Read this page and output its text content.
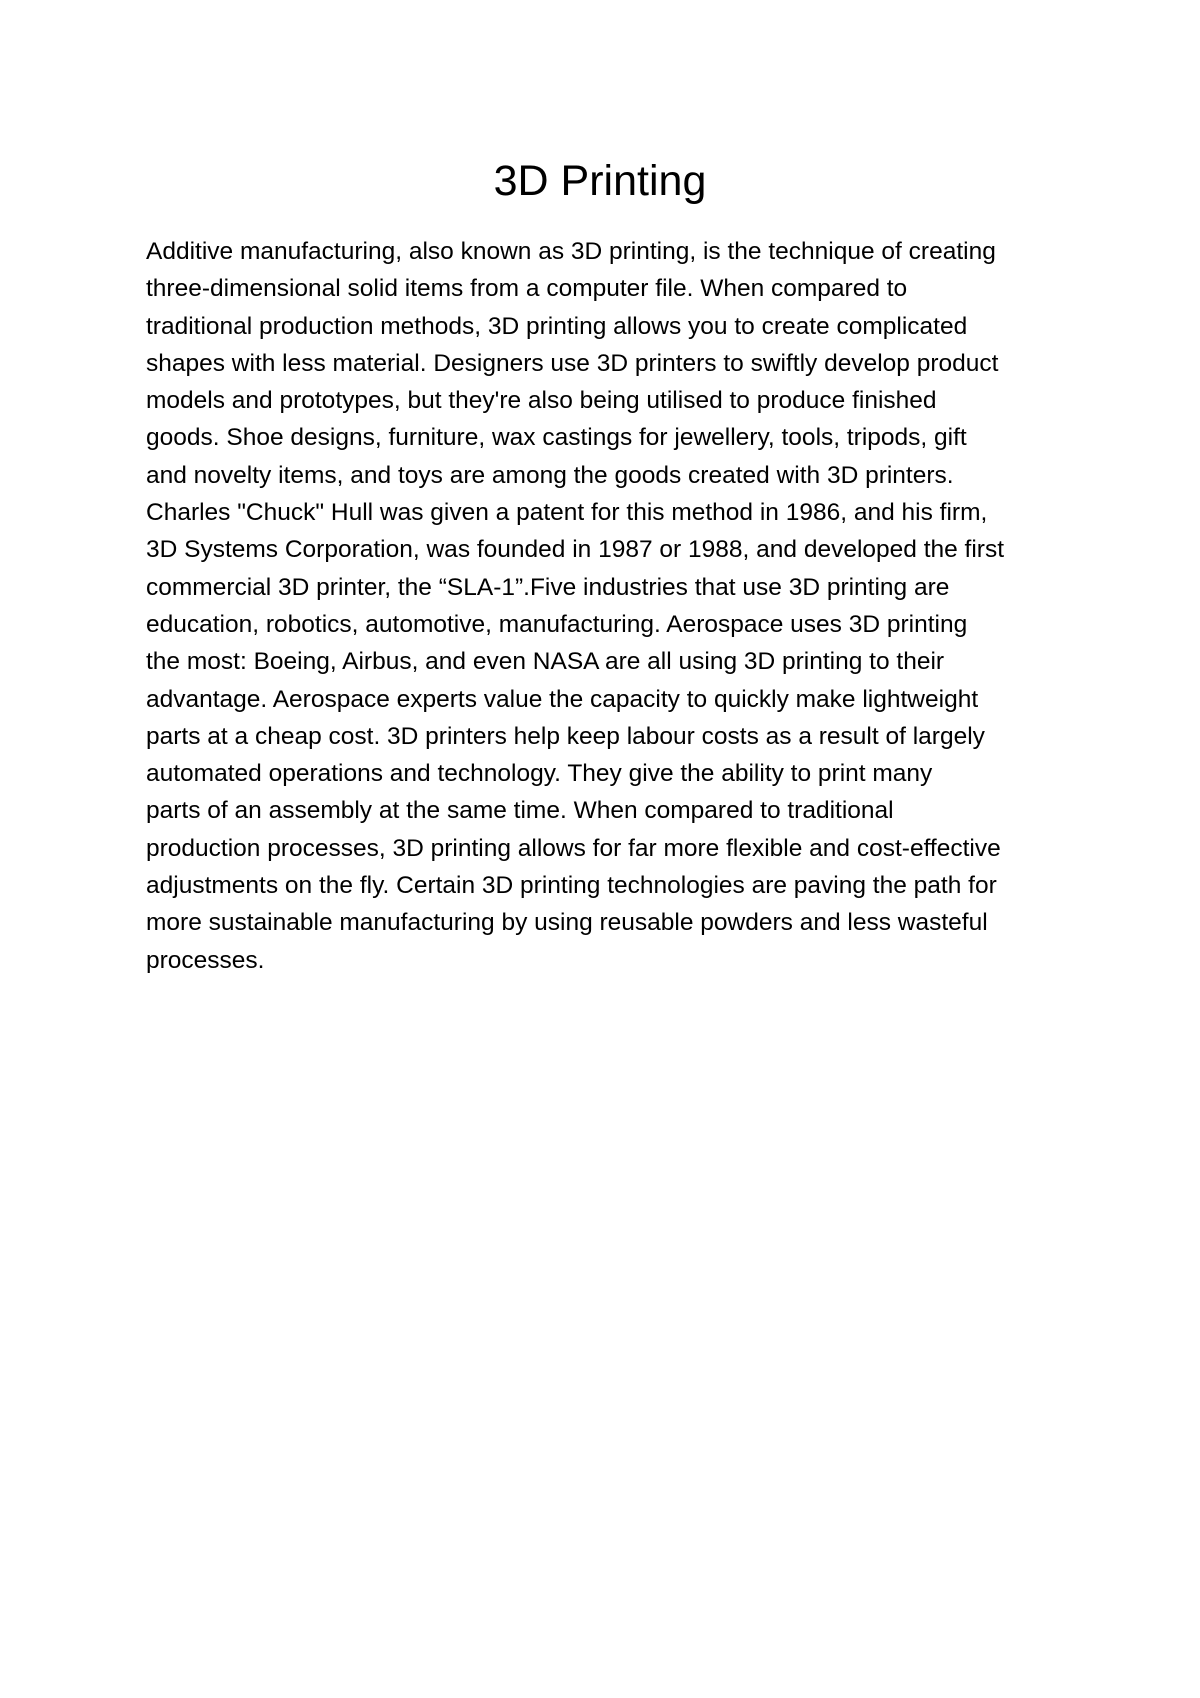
3D Printing
Additive manufacturing, also known as 3D printing, is the technique of creating
three-dimensional solid items from a computer file. When compared to
traditional production methods, 3D printing allows you to create complicated
shapes with less material. Designers use 3D printers to swiftly develop product
models and prototypes, but they're also being utilised to produce finished
goods. Shoe designs, furniture, wax castings for jewellery, tools, tripods, gift
and novelty items, and toys are among the goods created with 3D printers.
Charles "Chuck" Hull was given a patent for this method in 1986, and his firm,
3D Systems Corporation, was founded in 1987 or 1988, and developed the first
commercial 3D printer, the “SLA-1”.Five industries that use 3D printing are
education, robotics, automotive, manufacturing. Aerospace uses 3D printing
the most: Boeing, Airbus, and even NASA are all using 3D printing to their
advantage. Aerospace experts value the capacity to quickly make lightweight
parts at a cheap cost. 3D printers help keep labour costs as a result of largely
automated operations and technology. They give the ability to print many
parts of an assembly at the same time. When compared to traditional
production processes, 3D printing allows for far more flexible and cost-effective
adjustments on the fly. Certain 3D printing technologies are paving the path for
more sustainable manufacturing by using reusable powders and less wasteful
processes.
